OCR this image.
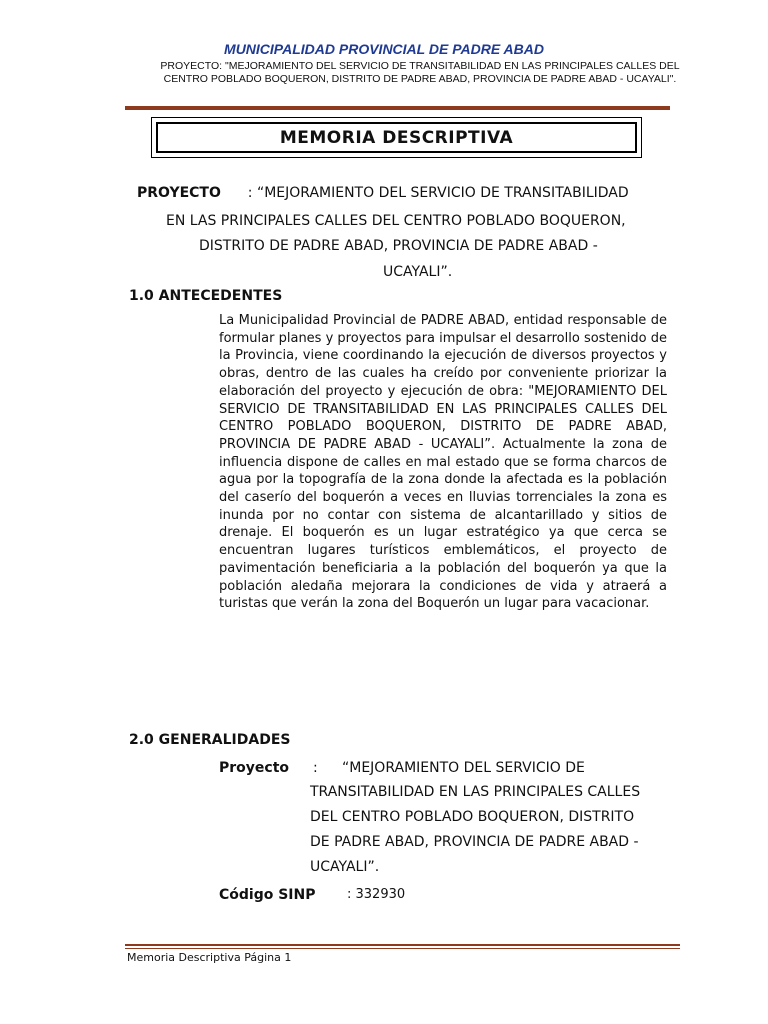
MUNICIPALIDAD PROVINCIAL DE PADRE ABAD
PROYECTO: "MEJORAMIENTO DEL SERVICIO DE TRANSITABILIDAD EN LAS PRINCIPALES CALLES DEL
CENTRO POBLADO BOQUERON, DISTRITO DE PADRE ABAD, PROVINCIA DE PADRE ABAD - UCAYALI".
MEMORIA DESCRIPTIVA
PROYECTO : “MEJORAMIENTO DEL SERVICIO DE TRANSITABILIDAD
EN LAS PRINCIPALES CALLES DEL CENTRO POBLADO BOQUERON,
DISTRITO DE PADRE ABAD, PROVINCIA DE PADRE ABAD -
UCAYALI”.
1.0 ANTECEDENTES
La Municipalidad Provincial de PADRE ABAD, entidad responsable de formular planes y proyectos para impulsar el desarrollo sostenido de la Provincia, viene coordinando la ejecución de diversos proyectos y obras, dentro de las cuales ha creído por conveniente priorizar la elaboración del proyecto y ejecución de obra: "MEJORAMIENTO DEL SERVICIO DE TRANSITABILIDAD EN LAS PRINCIPALES CALLES DEL CENTRO POBLADO BOQUERON, DISTRITO DE PADRE ABAD, PROVINCIA DE PADRE ABAD - UCAYALI”. Actualmente la zona de influencia dispone de calles en mal estado que se forma charcos de agua por la topografía de la zona donde la afectada es la población del caserío del boquerón a veces en lluvias torrenciales la zona es inunda por no contar con sistema de alcantarillado y sitios de drenaje. El boquerón es un lugar estratégico ya que cerca se encuentran lugares turísticos emblemáticos, el proyecto de pavimentación beneficiaria a la población del boquerón ya que la población aledaña mejorara la condiciones de vida y atraerá a turistas que verán la zona del Boquerón un lugar para vacacionar.
2.0 GENERALIDADES
Proyecto : “MEJORAMIENTO DEL SERVICIO DE
TRANSITABILIDAD EN LAS PRINCIPALES CALLES
DEL CENTRO POBLADO BOQUERON, DISTRITO
DE PADRE ABAD, PROVINCIA DE PADRE ABAD -
UCAYALI”.
Código SINP : 332930
Memoria Descriptiva Página 1
